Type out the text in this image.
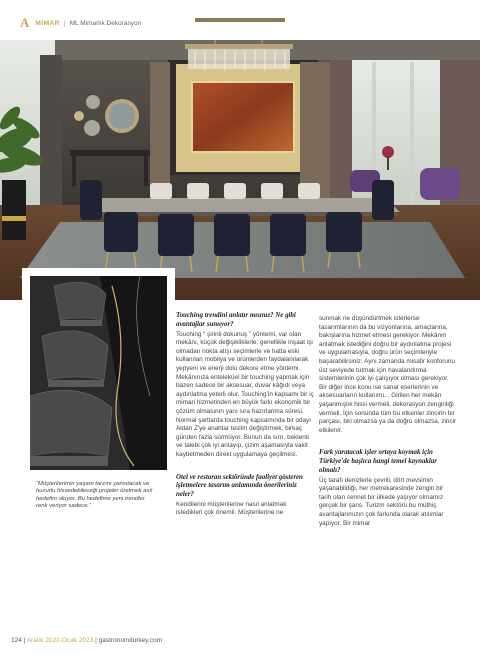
A MİMAR | ML Mimarlık Dekorasyon
“Müşterilerimin yaşam tarzını yansıtacak ve huzurlu hissedebileceği projeler üretmek asıl hedefim oluyor. Bu hedefime yeni trendler renk veriyor sadece.”
Touching trendini anlatır mısınız? Ne gibi avantajlar sunuyor?
Touching “ şirinli dokunuş ” yöntemi, var olan mekânı, küçük değişikliklerle, genellikle inşaat işi olmadan nokta atışı seçimlerle ve hatta eski kullanılan mobilya ve ürünlerden faydalanılarak yepyeni ve enerji dolu dekore etme yöntemi. Mekânınıza enteleküel bir touching yapmak için bazen sadece bir aksesuar, duvar kâğıdı veya aydınlatma yeterli olur. Touching’in kapsamı bir iç mimari hizmetinden en büyük farkı ekonomik bir çözüm olmasının yanı sıra hazırlanma süresi. Normal şartlarda touching kapsamında bir odayı Aldan Z'ye anahtar teslim değiştirmek, birkaç günden fazla sürmüyor. Bunun da sırrı, beklenti ve talebi çok iyi anlayıp, çizim aşamasıyla vakit kaybetmeden direkt uygulamaya geçilmesi.
Otel ve restoran sektöründe faaliyet gösteren işletmelere tasarım anlamında önerileriniz neler?
Kendilerini müşterilerine nasıl anlatmak istedikleri çok önemli. Müşterilerine ne
sunmak ne düşündürtmek isterlerse tasarımlarının da bu vizyonlarına, amaçlarına, bakışlarına hizmet etmesi gerekiyor. Mekânın anlatmak istediğini doğru bir aydınlatma projesi ve uygulamasıyla, doğru ürün seçimleriyle başarabilirsiniz. Aynı zamanda misafir konforunu üst seviyede tutmak için havalandırma sistemlerinin çok iyi çalışıyor olması gerekiyor. Bir diğer ince konu ise sanat eserlerinin ve aksesuarların kullanımı... Girilen her mekân yaşanmışlık hissi vermeli, dekorasyon zenginliği vermeli. İçin sonunda tüm bu etkenler zincirin bir parçası, biri olmazsa ya da doğru olmazsa, zincir etkilenir.
Fark yaratacak işler ortaya koymak için Türkiye'de başlıca hangi temel kaynaklar olmalı?
Üç tarafı denizlerle çevrili, dört mevsimin yaşanabildiği, her metrekaresinde zengin bir tarih olan cennet bir ülkede yaşıyor olmamız gerçek bir şans. Turizm sektörü bu müthiş avantajlarımızın çok farkında olarak atılımlar yapıyor. Bir mimar
124 | Aralık 2022-Ocak 2023 | gastronomiturkey.com
